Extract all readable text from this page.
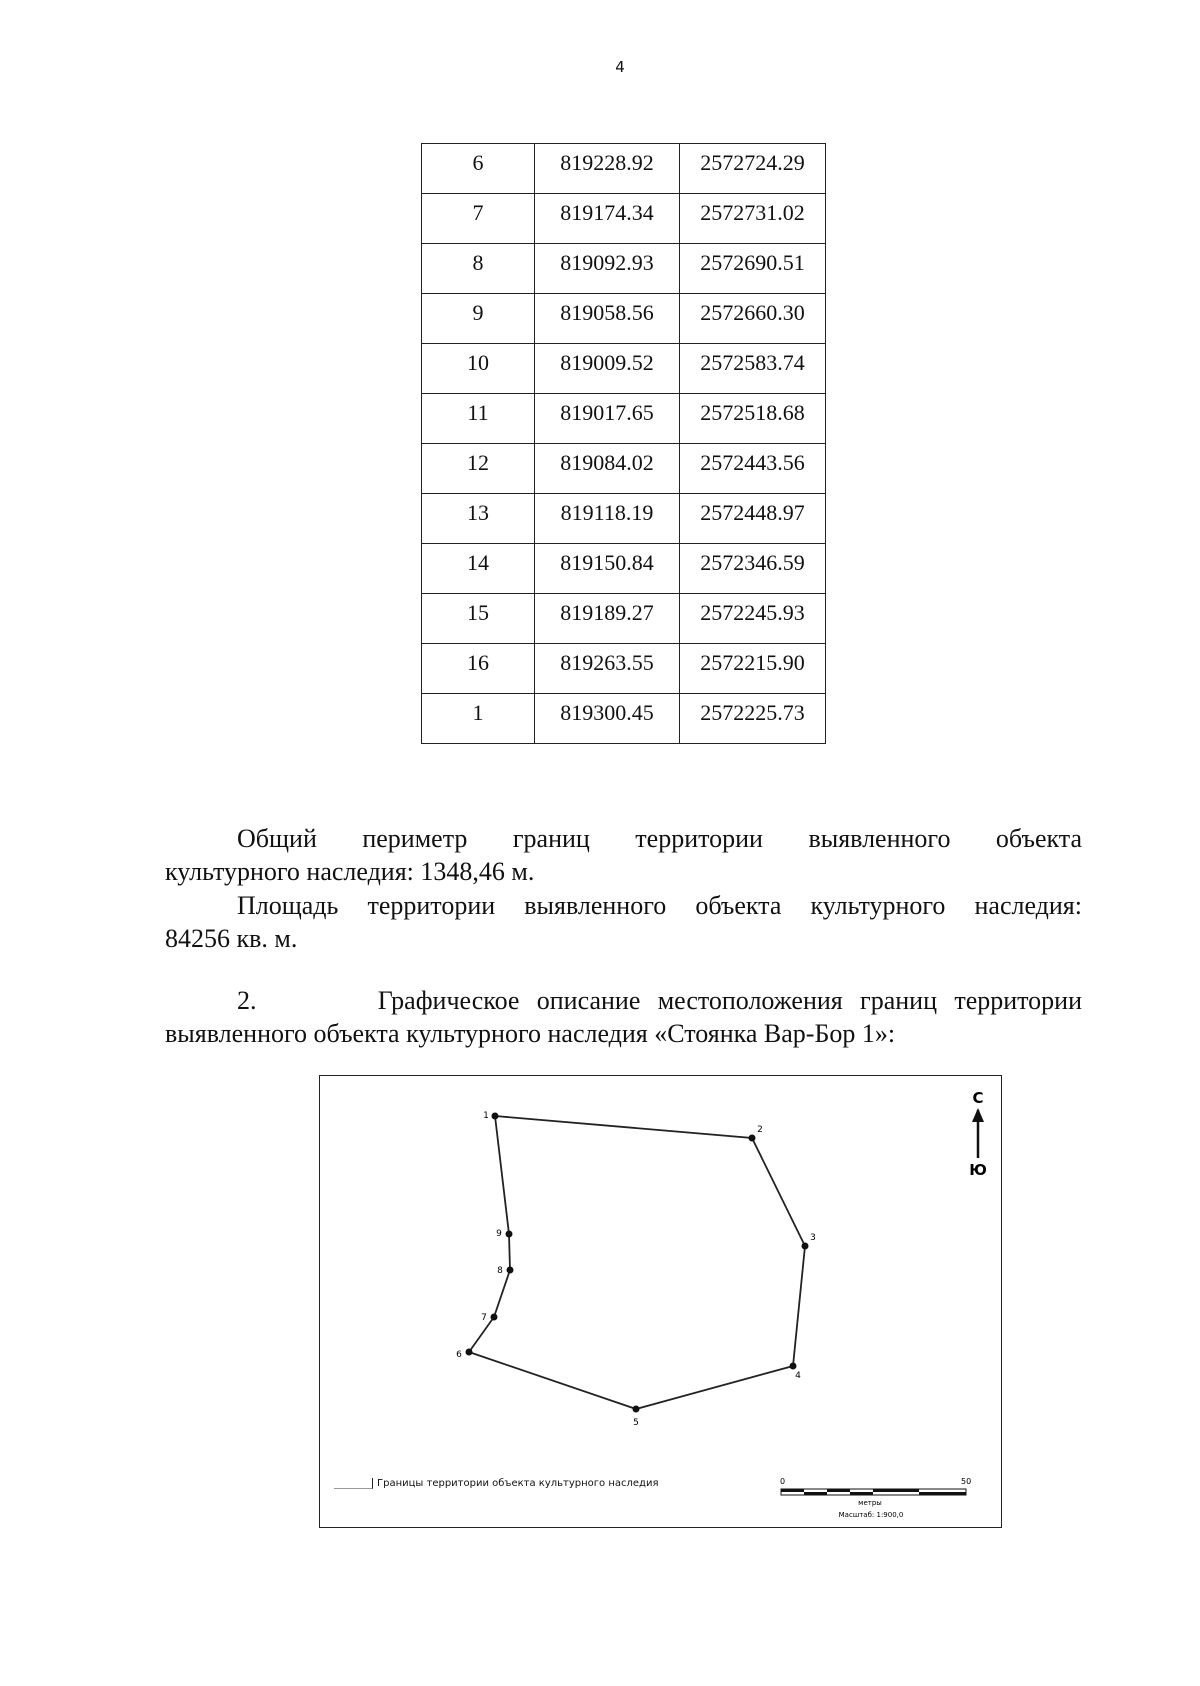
4
6	819228.92	2572724.29
7	819174.34	2572731.02
8	819092.93	2572690.51
9	819058.56	2572660.30
10	819009.52	2572583.74
11	819017.65	2572518.68
12	819084.02	2572443.56
13	819118.19	2572448.97
14	819150.84	2572346.59
15	819189.27	2572245.93
16	819263.55	2572215.90
1	819300.45	2572225.73

Общий периметр границ территории выявленного объекта

культурного наследия: 1348,46 м.

Площадь территории выявленного объекта культурного наследия:

84256 кв. м.

2.       Графическое описание местоположения границ территории

выявленного объекта культурного наследия «Стоянка Вар-Бор 1»:

С
Ю
1
2
3
4
5
6
7
8
9
0	50
метры
Масштаб: 1:900,0
Границы территории объекта культурного наследия
